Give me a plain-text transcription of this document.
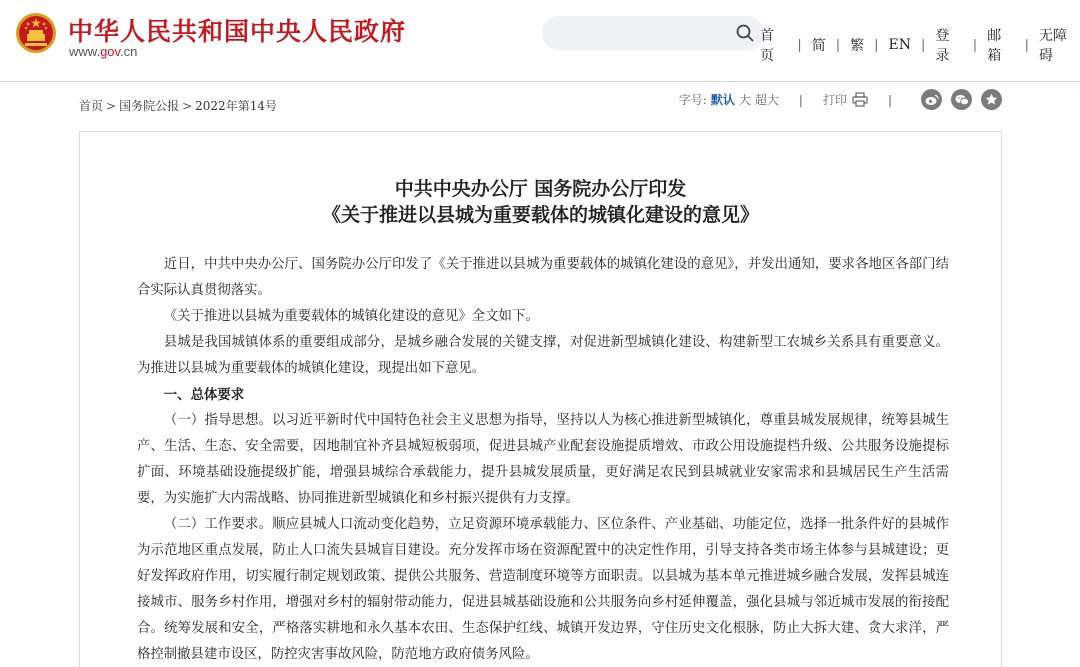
中华人民共和国中央人民政府
www.gov.cn
首页
| 简 | 繁 | EN |
登录
|
邮箱
|
无障碍
首页 > 国务院公报 > 2022年第14号	字号: 默认 大 超大 | 打印	|
中共中央办公厅 国务院办公厅印发
《关于推进以县城为重要载体的城镇化建设的意见》

近日，中共中央办公厅、国务院办公厅印发了《关于推进以县城为重要载体的城镇化建设的意见》，并发出通知，要求各地区各部门结合实际认真贯彻落实。

《关于推进以县城为重要载体的城镇化建设的意见》全文如下。

县城是我国城镇体系的重要组成部分，是城乡融合发展的关键支撑，对促进新型城镇化建设、构建新型工农城乡关系具有重要意义。为推进以县城为重要载体的城镇化建设，现提出如下意见。

一、总体要求

（一）指导思想。以习近平新时代中国特色社会主义思想为指导，坚持以人为核心推进新型城镇化，尊重县城发展规律，统筹县城生产、生活、生态、安全需要，因地制宜补齐县城短板弱项，促进县城产业配套设施提质增效、市政公用设施提档升级、公共服务设施提标扩面、环境基础设施提级扩能，增强县城综合承载能力，提升县城发展质量，更好满足农民到县城就业安家需求和县城居民生产生活需要，为实施扩大内需战略、协同推进新型城镇化和乡村振兴提供有力支撑。

（二）工作要求。顺应县城人口流动变化趋势，立足资源环境承载能力、区位条件、产业基础、功能定位，选择一批条件好的县城作为示范地区重点发展，防止人口流失县城盲目建设。充分发挥市场在资源配置中的决定性作用，引导支持各类市场主体参与县城建设；更好发挥政府作用，切实履行制定规划政策、提供公共服务、营造制度环境等方面职责。以县城为基本单元推进城乡融合发展，发挥县城连接城市、服务乡村作用，增强对乡村的辐射带动能力，促进县城基础设施和公共服务向乡村延伸覆盖，强化县城与邻近城市发展的衔接配合。统筹发展和安全，严格落实耕地和永久基本农田、生态保护红线、城镇开发边界，守住历史文化根脉，防止大拆大建、贪大求洋，严格控制撤县建市设区，防控灾害事故风险，防范地方政府债务风险。
